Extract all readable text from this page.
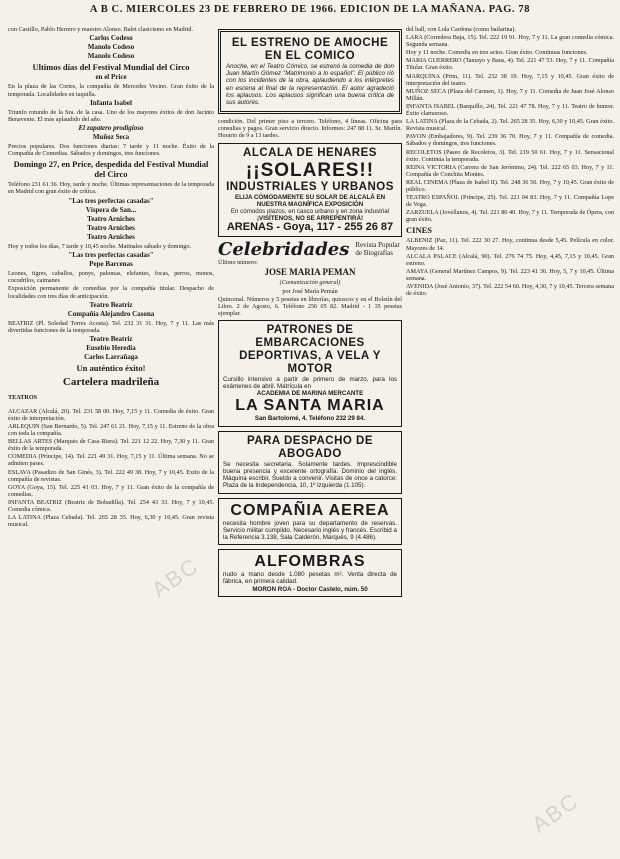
A B C. MIERCOLES 23 DE FEBRERO DE 1966. EDICION DE LA MAÑANA. PAG. 78

con Castillo, Pablo Herrero y maestro Alonso. Balet clasicismo en Madrid.

Carlos Codeso

Manolo Codeso

Manolo Codeso

Ultimos días del Festival Mundial del Circo

en el Price

En la plaza de las Cortes, la compañía de Mercedes Vecino. Gran éxito de la temporada. Localidades en taquilla.

Infanta Isabel

Triunfo rotundo de la Sra. de la casa. Uno de los mayores éxitos de don Jacinto Benavente. El más aplaudido del año.

El zapatero prodigioso

Muñoz Seca

Precios populares. Dos funciones diarias: 7 tarde y 11 noche. Éxito de la Compañía de Comedias. Sábados y domingos, tres funciones.

Domingo 27, en Price, despedida del Festival Mundial del Circo

Teléfono 231 61 36. Hoy, tarde y noche. Últimas representaciones de la temporada en Madrid con gran éxito de crítica.

"Las tres perfectas casadas"

Víspera de San...

Teatro Arniches

Teatro Arniches

Teatro Arniches

Hoy y todos los días, 7 tarde y 10,45 noche. Matinales sábado y domingo.

"Las tres perfectas casadas"

Pepe Barcenas

Leones, tigres, caballos, ponys, palomas, elefantes, focas, perros, monos, cocodrilos, caimanes

Exposición permanente de comedias por la compañía titular. Despacho de localidades con tres días de anticipación.

Teatro Beatriz

Compañía Alejandro Casona

BEATRIZ (Pl. Soledad Torres Acosta). Tel. 232 31 31. Hoy, 7 y 11. Las más divertidas funciones de la temporada.

Teatro Beatriz

Eusebio Heredia

Carlos Larrañaga

Un auténtico éxito!

Cartelera madrileña

TEATROS

ALCAZAR (Alcalá, 20). Tel. 231 58 00. Hoy, 7,15 y 11. Comedia de éxito. Gran éxito de interpretación.

ARLEQUIN (San Bernardo, 5). Tel. 247 61 21. Hoy, 7,15 y 11. Estreno de la obra con toda la compañía.

BELLAS ARTES (Marqués de Casa Riera). Tel. 221 12 22. Hoy, 7,30 y 11. Gran éxito de la temporada.

COMEDIA (Príncipe, 14). Tel. 221 49 31. Hoy, 7,15 y 11. Última semana. No se admiten pases.

ESLAVA (Pasadizo de San Ginés, 3). Tel. 222 49 38. Hoy, 7 y 10,45. Exito de la compañía de revistas.

GOYA (Goya, 15). Tel. 225 41 03. Hoy, 7 y 11. Gran éxito de la compañía de comedias.

INFANTA BEATRIZ (Beatriz de Bobadilla). Tel. 254 43 33. Hoy, 7 y 10,45. Comedia cómica.

LA LATINA (Plaza Cebada). Tel. 265 28 35. Hoy, 6,30 y 10,45. Gran revista musical.

EL ESTRENO DE AMOCHE
EN EL COMICO
Anoche, en el Teatro Cómico, se estrenó la comedia de don Juan Martín Gómez "Matrimonio a lo español". El público rió con los incidentes de la obra, aplaudiendo a los intérpretes en escena al final de la representación. El autor agradeció los aplausos. Los aplausos significan una buena crítica de sus autores.

condición. Del primer piso a tercero. Teléfono, 4 líneas. Oficina para consultas y pagos. Gran servicio directo. Informes: 247 88 11. Sr. Martín. Horario de 9 a 13 tardes.

ALCALA DE HENARES
¡¡SOLARES!!
INDUSTRIALES Y URBANOS
ELIJA CÓMODAMENTE SU SOLAR DE ALCALÁ EN NUESTRA MAGNÍFICA EXPOSICIÓN
En cómodos plazos, en casco urbano y en zona industrial
¡VISÍTENOS, NO SE ARREPENTIRÁ!
ARENAS - Goya, 117 - 255 26 87
Celebridades Revista Popular de Biografías
Último número:
JOSE MARIA PEMAN
(Comunicación general)
por José María Pemán
Quincenal. Números y 5 pesetas en librerías, quioscos y en el Boletín del Libro. 2 de Agosto, 6. Teléfono 256 05 82. Madrid - 1 35 pesetas ejemplar.
PATRONES DE EMBARCACIONES DEPORTIVAS, A VELA Y MOTOR
Cursillo intensivo a partir de primero de marzo, para los exámenes de abril. Matrícula en
ACADEMIA DE MARINA MERCANTE
LA SANTA MARIA
San Bartolomé, 4. Teléfono 232 29 84.
PARA DESPACHO DE ABOGADO
Se necesita secretaria. Solamente tardes. Imprescindible buena presencia y excelente ortografía. Dominio del inglés. Máquina escribir. Sueldo a convenir. Visitas de once a catorce: Plaza de la Independencia, 10, 1º izquierda (1.105).
COMPAÑIA AEREA
necesita hombre joven para su departamento de reservas. Servicio militar cumplido. Necesario inglés y francés. Escribid a la Referencia 3.138, Sala Calderón, Marqués, 9 (4.486).
ALFOMBRAS
nudo a mano desde 1.080 pesetas m². Venta directa de fábrica, en primera calidad.
MORON ROA - Doctor Castelo, núm. 50

del hall, con Lola Cardona (como bailarina).

LARA (Corredera Baja, 15). Tel. 222 19 91. Hoy, 7 y 11. La gran comedia cómica. Segunda semana.

Hoy y 11 noche. Comedia en tres actos. Gran éxito. Continuas funciones.

MARIA GUERRERO (Tamayo y Baus, 4). Tel. 221 47 53. Hoy, 7 y 11. Compañía Titular. Gran éxito.

MARQUINA (Prim, 11). Tel. 232 38 19. Hoy, 7,15 y 10,45. Gran éxito de interpretación del teatro.

MUÑOZ SECA (Plaza del Carmen, 1). Hoy, 7 y 11. Comedia de Juan José Alonso Millán.

INFANTA ISABEL (Barquillo, 24). Tel. 221 47 78. Hoy, 7 y 11. Teatro de humor. Éxito clamoroso.

LA LATINA (Plaza de la Cebada, 2). Tel. 265 28 35. Hoy, 6,30 y 10,45. Gran éxito. Revista musical.

PAVON (Embajadores, 9). Tel. 239 36 70. Hoy, 7 y 11. Compañía de comedia. Sábados y domingos, tres funciones.

RECOLETOS (Paseo de Recoletos, 3). Tel. 219 50 61. Hoy, 7 y 11. Sensacional éxito. Continúa la temporada.

REINA VICTORIA (Carrera de San Jerónimo, 24). Tel. 222 65 03. Hoy, 7 y 11. Compañía de Conchita Montes.

REAL CINEMA (Plaza de Isabel II). Tel. 248 36 50. Hoy, 7 y 10,45. Gran éxito de público.

TEATRO ESPAÑOL (Príncipe, 25). Tel. 221 04 83. Hoy, 7 y 11. Compañía Lope de Vega.

ZARZUELA (Jovellanos, 4). Tel. 221 80 40. Hoy, 7 y 11. Temporada de Ópera, con gran éxito.

CINES

ALBENIZ (Paz, 11). Tel. 222 30 27. Hoy, continua desde 5,45. Película en color. Mayores de 14.

ALCALA PALACE (Alcalá, 90). Tel. 276 74 75. Hoy, 4,45, 7,15 y 10,45. Gran estreno.

AMAYA (General Martínez Campos, 9). Tel. 223 41 36. Hoy, 5, 7 y 10,45. Última semana.

AVENIDA (José Antonio, 37). Tel. 222 54 60. Hoy, 4,30, 7 y 10,45. Tercera semana de éxito.

ABC
ABC
